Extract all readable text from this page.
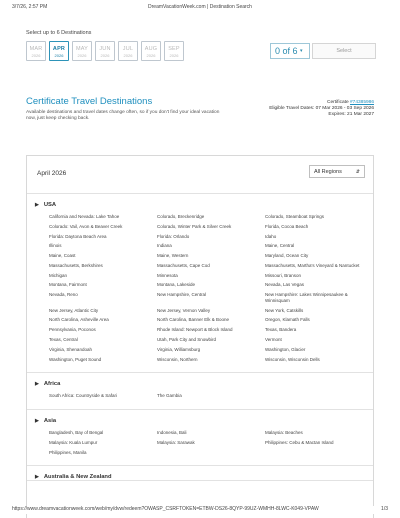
3/7/26, 2:57 PM	DreamVacationWeek.com | Destination Search
Select up to 6 Destinations
MAR
2026
APR
2026
MAY
2026
JUN
2026
JUL
2026
AUG
2026
SEP
2026	0 of 6 ▾	Select
Certificate Travel Destinations
Available destinations and travel dates change often, so if you don't find your ideal vacation now, just keep checking back.
Certificate #74385986
Eligible Travel Dates: 07 Mar 2026 - 03 Sep 2026
Expires: 21 Mar 2027
April 2026	All Regions	⇵
▶ USA
California and Nevada: Lake Tahoe	Colorado, Breckenridge	Colorado, Steamboat Springs
Colorado: Vail, Avon & Beaver Creek	Colorado, Winter Park & Silver Creek	Florida, Cocoa Beach
Florida: Daytona Beach Area	Florida: Orlando	Idaho
Illinois	Indiana	Maine, Central
Maine, Coast	Maine, Western	Maryland, Ocean City
Massachusetts, Berkshires	Massachusetts, Cape Cod	Massachusetts, Martha's Vineyard & Nantucket
Michigan	Minnesota	Missouri, Branson
Montana, Fairmont	Montana, Lakeside	Nevada, Las Vegas
Nevada, Reno	New Hampshire, Central	New Hampshire: Lakes Winnipesaukee & Winnisquam
New Jersey, Atlantic City	New Jersey, Vernon Valley	New York, Catskills
North Carolina, Asheville Area	North Carolina, Banner Elk & Boone	Oregon, Klamath Falls
Pennsylvania, Poconos	Rhode Island: Newport & Block Island	Texas, Bandera
Texas, Central	Utah, Park City and Snowbird	Vermont
Virginia, Shenandoah	Virginia, Williamsburg	Washington, Glacier
Washington, Puget Sound	Wisconsin, Northern	Wisconsin, Wisconsin Dells
▶ Africa
South Africa: Countryside & Safari	The Gambia
▶ Asia
Bangladesh, Bay of Bengal	Indonesia, Bali	Malaysia: Beaches
Malaysia: Kuala Lumpur	Malaysia: Sarawak	Philippines: Cebu & Mactan Island
Philippines, Manila
▶ Australia & New Zealand
https://www.dreamvacationweek.com/web/my/dvw/redeem?OWASP_CSRFTOKEN=ETBW-DS26-8QYP-99UZ-WMHH-8LWC-K049-VPAW	1/3
